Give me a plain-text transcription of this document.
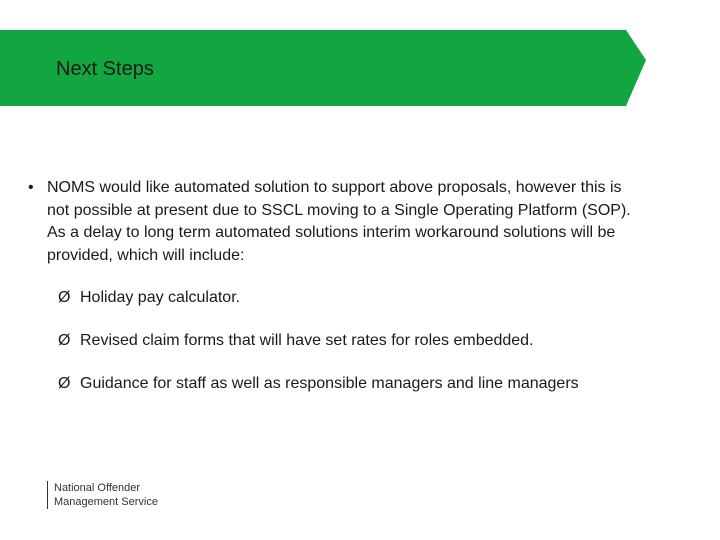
Next Steps
• NOMS would like automated solution to support above proposals, however this is not possible at present due to SSCL moving to a Single Operating Platform (SOP). As a delay to long term automated solutions interim workaround solutions will be provided, which will include:
Ø Holiday pay calculator.
Ø Revised claim forms that will have set rates for roles embedded.
Ø Guidance for staff as well as responsible managers and line managers
National Offender
Management Service
